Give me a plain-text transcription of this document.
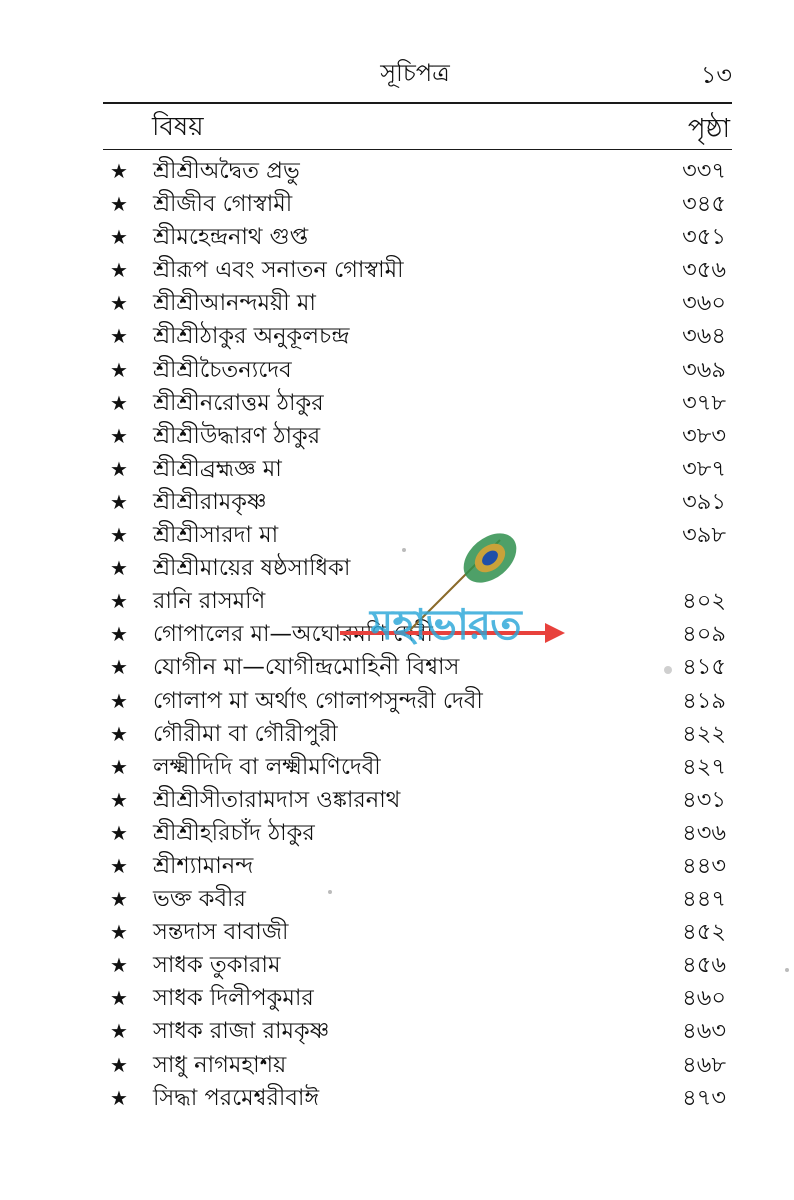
সূচিপত্র	১৩
বিষয়	পৃষ্ঠা
★ শ্রীশ্রীঅদ্বৈত প্রভু	৩৩৭
★ শ্রীজীব গোস্বামী	৩৪৫
★ শ্রীমহেন্দ্রনাথ গুপ্ত	৩৫১
★ শ্রীরূপ এবং সনাতন গোস্বামী	৩৫৬
★ শ্রীশ্রীআনন্দময়ী মা	৩৬০
★ শ্রীশ্রীঠাকুর অনুকূলচন্দ্র	৩৬৪
★ শ্রীশ্রীচৈতন্যদেব	৩৬৯
★ শ্রীশ্রীনরোত্তম ঠাকুর	৩৭৮
★ শ্রীশ্রীউদ্ধারণ ঠাকুর	৩৮৩
★ শ্রীশ্রীব্রহ্মজ্ঞ মা	৩৮৭
★ শ্রীশ্রীরামকৃষ্ণ	৩৯১
★ শ্রীশ্রীসারদা মা	৩৯৮
★ শ্রীশ্রীমায়ের ষষ্ঠসাধিকা
★ রানি রাসমণি	৪০২
★ গোপালের মা—অঘোরমণি দেবী	৪০৯
★ যোগীন মা—যোগীন্দ্রমোহিনী বিশ্বাস	৪১৫
★ গোলাপ মা অর্থাৎ গোলাপসুন্দরী দেবী	৪১৯
★ গৌরীমা বা গৌরীপুরী	৪২২
★ লক্ষ্মীদিদি বা লক্ষ্মীমণিদেবী	৪২৭
★ শ্রীশ্রীসীতারামদাস ওঙ্কারনাথ	৪৩১
★ শ্রীশ্রীহরিচাঁদ ঠাকুর	৪৩৬
★ শ্রীশ্যামানন্দ	৪৪৩
★ ভক্ত কবীর	৪৪৭
★ সন্তদাস বাবাজী	৪৫২
★ সাধক তুকারাম	৪৫৬
★ সাধক দিলীপকুমার	৪৬০
★ সাধক রাজা রামকৃষ্ণ	৪৬৩
★ সাধু নাগমহাশয়	৪৬৮
★ সিদ্ধা পরমেশ্বরীবাঈ	৪৭৩
মহাভারত
